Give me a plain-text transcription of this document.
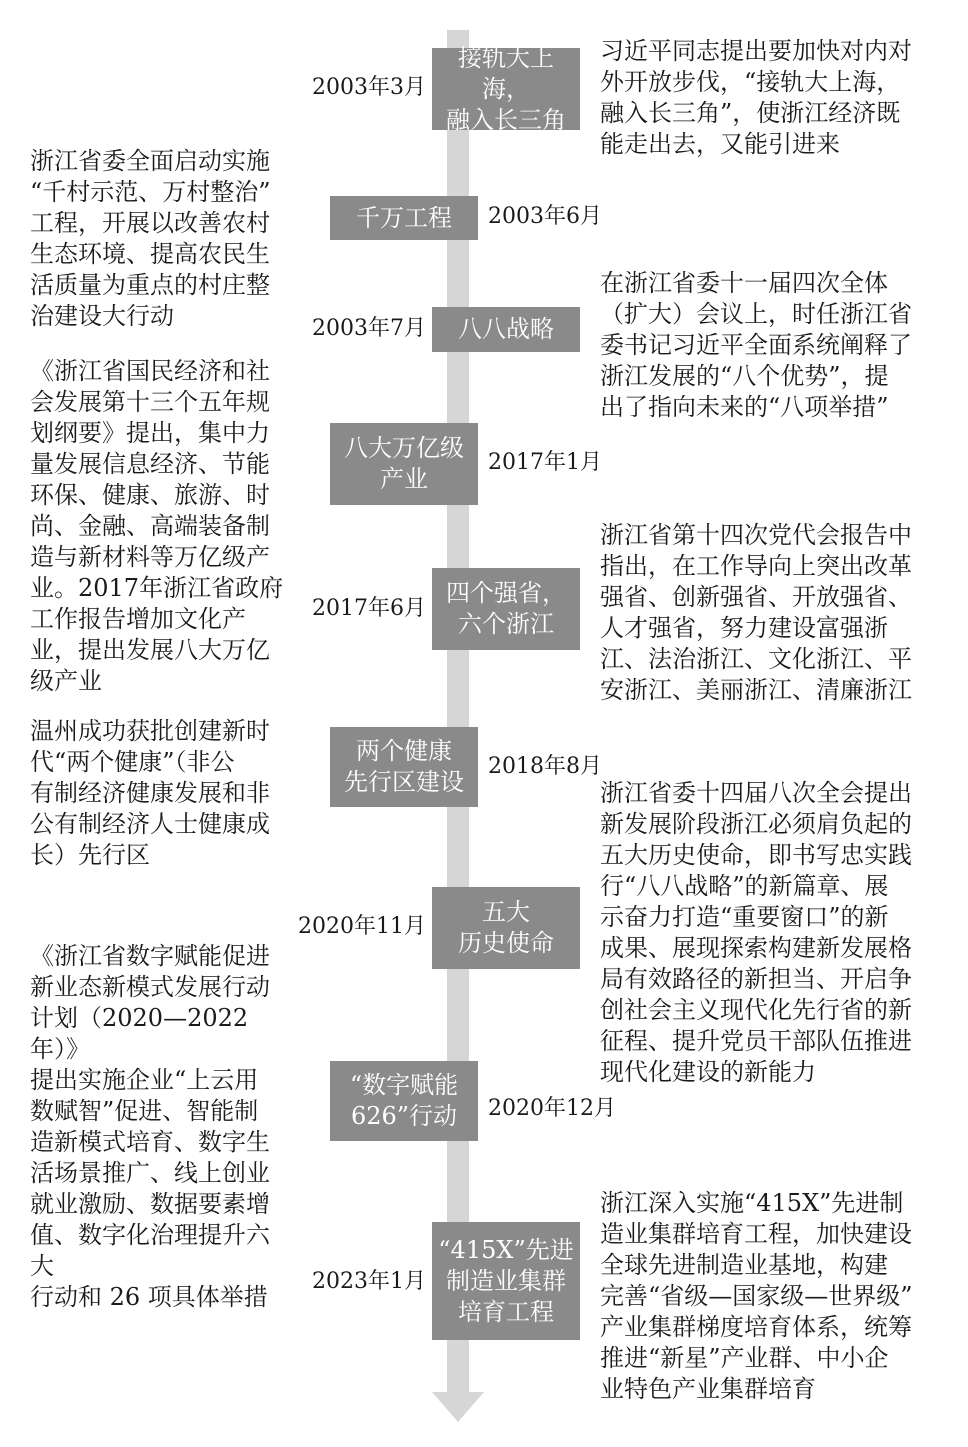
2003年3月
接轨大上海，
融入长三角
习近平同志提出要加快对内对
外开放步伐，“接轨大上海，
融入长三角”，使浙江经济既
能走出去，又能引进来
浙江省委全面启动实施
“千村示范、万村整治”
工程，开展以改善农村
生态环境、提高农民生
活质量为重点的村庄整
治建设大行动
千万工程	2003年6月
2003年7月	八八战略
在浙江省委十一届四次全体
（扩大）会议上，时任浙江省
委书记习近平全面系统阐释了
浙江发展的“八个优势”，提
出了指向未来的“八项举措”
《浙江省国民经济和社
会发展第十三个五年规
划纲要》提出，集中力
量发展信息经济、节能
环保、健康、旅游、时
尚、金融、高端装备制
造与新材料等万亿级产
业。2017年浙江省政府
工作报告增加文化产
业，提出发展八大万亿
级产业
八大万亿级
产业
2017年1月
2017年6月
四个强省，
六个浙江
浙江省第十四次党代会报告中
指出，在工作导向上突出改革
强省、创新强省、开放强省、
人才强省，努力建设富强浙
江、法治浙江、文化浙江、平
安浙江、美丽浙江、清廉浙江
温州成功获批创建新时
代“两个健康”（非公
有制经济健康发展和非
公有制经济人士健康成
长）先行区
两个健康
先行区建设
2018年8月
2020年11月
五大
历史使命
浙江省委十四届八次全会提出
新发展阶段浙江必须肩负起的
五大历史使命，即书写忠实践
行“八八战略”的新篇章、展
示奋力打造“重要窗口”的新
成果、展现探索构建新发展格
局有效路径的新担当、开启争
创社会主义现代化先行省的新
征程、提升党员干部队伍推进
现代化建设的新能力
《浙江省数字赋能促进
新业态新模式发展行动
计划（2020—2022年）》
提出实施企业“上云用
数赋智”促进、智能制
造新模式培育、数字生
活场景推广、线上创业
就业激励、数据要素增
值、数字化治理提升六大
行动和 26 项具体举措
“数字赋能
626”行动	2020年12月
2023年1月
“415X”先进
制造业集群
培育工程
浙江深入实施“415X”先进制
造业集群培育工程，加快建设
全球先进制造业基地，构建
完善“省级—国家级—世界级”
产业集群梯度培育体系，统筹
推进“新星”产业群、中小企
业特色产业集群培育
